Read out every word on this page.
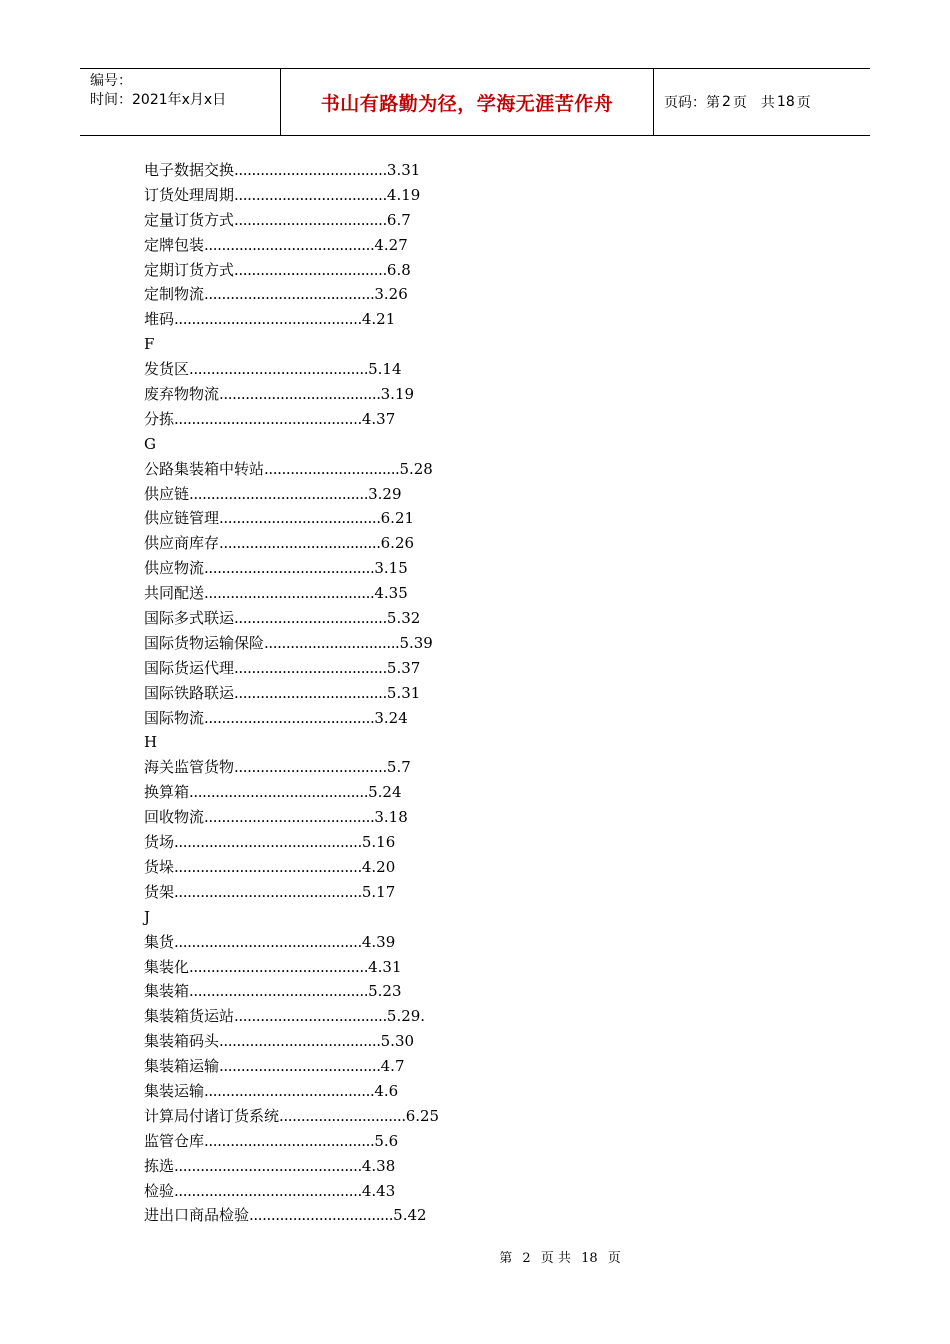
编号：
时间：2021年x月x日	书山有路勤为径，学海无涯苦作舟	页码：第 2 页 共 18 页
电子数据交换...................................3.31
订货处理周期...................................4.19
定量订货方式...................................6.7
定牌包装.......................................4.27
定期订货方式...................................6.8
定制物流.......................................3.26
堆码...........................................4.21
F
发货区.........................................5.14
废弃物物流.....................................3.19
分拣...........................................4.37
G
公路集装箱中转站...............................5.28
供应链.........................................3.29
供应链管理.....................................6.21
供应商库存.....................................6.26
供应物流.......................................3.15
共同配送.......................................4.35
国际多式联运...................................5.32
国际货物运输保险...............................5.39
国际货运代理...................................5.37
国际铁路联运...................................5.31
国际物流.......................................3.24
H
海关监管货物...................................5.7
换算箱.........................................5.24
回收物流.......................................3.18
货场...........................................5.16
货垛...........................................4.20
货架...........................................5.17
J
集货...........................................4.39
集装化.........................................4.31
集装箱.........................................5.23
集装箱货运站...................................5.29.
集装箱码头.....................................5.30
集装箱运输.....................................4.7
集装运输.......................................4.6
计算局付诸订货系统.............................6.25
监管仓库.......................................5.6
拣选...........................................4.38
检验...........................................4.43
进出口商品检验.................................5.42
第 2 页 共 18 页
